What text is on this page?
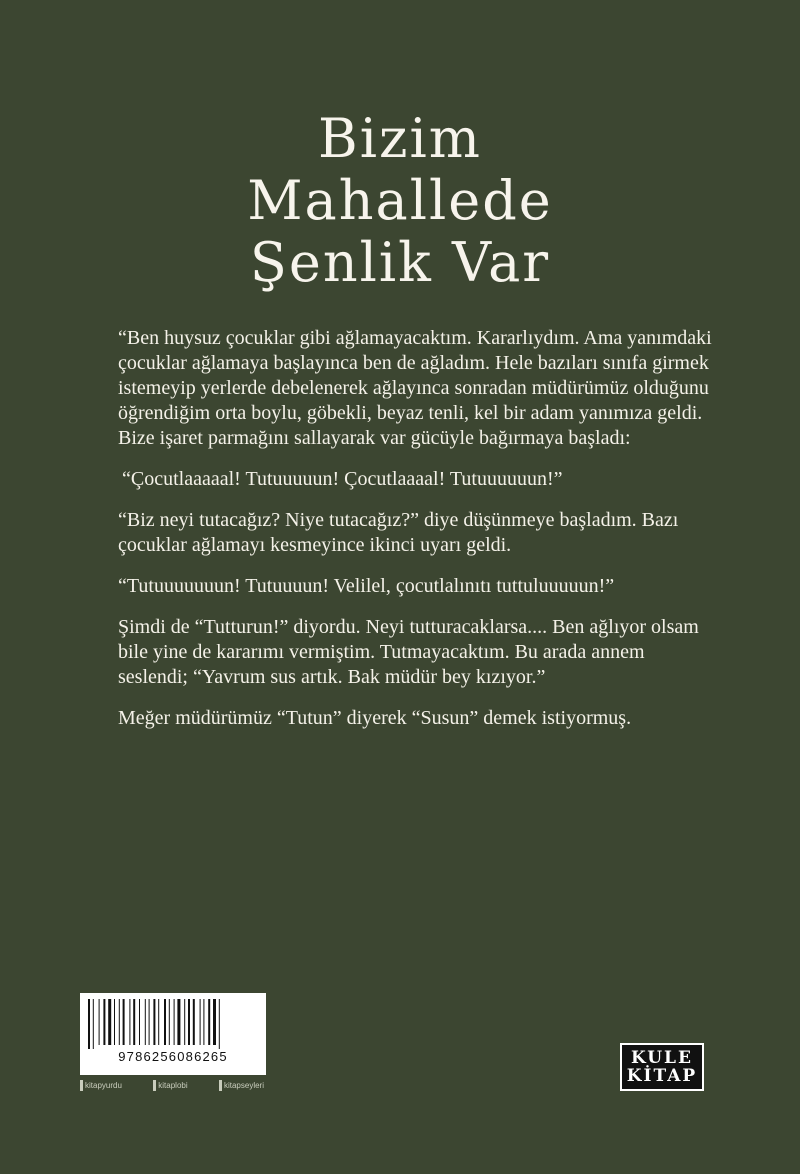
Bizim
Mahallede
Şenlik Var

“Ben huysuz çocuklar gibi ağlamayacaktım. Kararlıydım. Ama yanımdaki çocuklar ağlamaya başlayınca ben de ağladım. Hele bazıları sınıfa girmek istemeyip yerlerde debelenerek ağlayınca sonradan müdürümüz olduğunu öğrendiğim orta boylu, göbekli, beyaz tenli, kel bir adam yanımıza geldi. Bize işaret parmağını sallayarak var gücüyle bağırmaya başladı:

“Çocutlaaaaal! Tutuuuuun! Çocutlaaaal! Tutuuuuuun!”

“Biz neyi tutacağız? Niye tutacağız?” diye düşünmeye başladım. Bazı çocuklar ağlamayı kesmeyince ikinci uyarı geldi.

“Tutuuuuuuun! Tutuuuun! Velilel, çocutlalınıtı tuttuluuuuun!”

Şimdi de “Tutturun!” diyordu. Neyi tutturacaklarsa.... Ben ağlıyor olsam bile yine de kararımı vermiştim. Tutmayacaktım. Bu arada annem seslendi; “Yavrum sus artık. Bak müdür bey kızıyor.”

Meğer müdürümüz “Tutun” diyerek “Susun” demek istiyormuş.

9786256086265
kitapyurdu	kitaplobi	kitapseyleri
KULE
KİTAP
